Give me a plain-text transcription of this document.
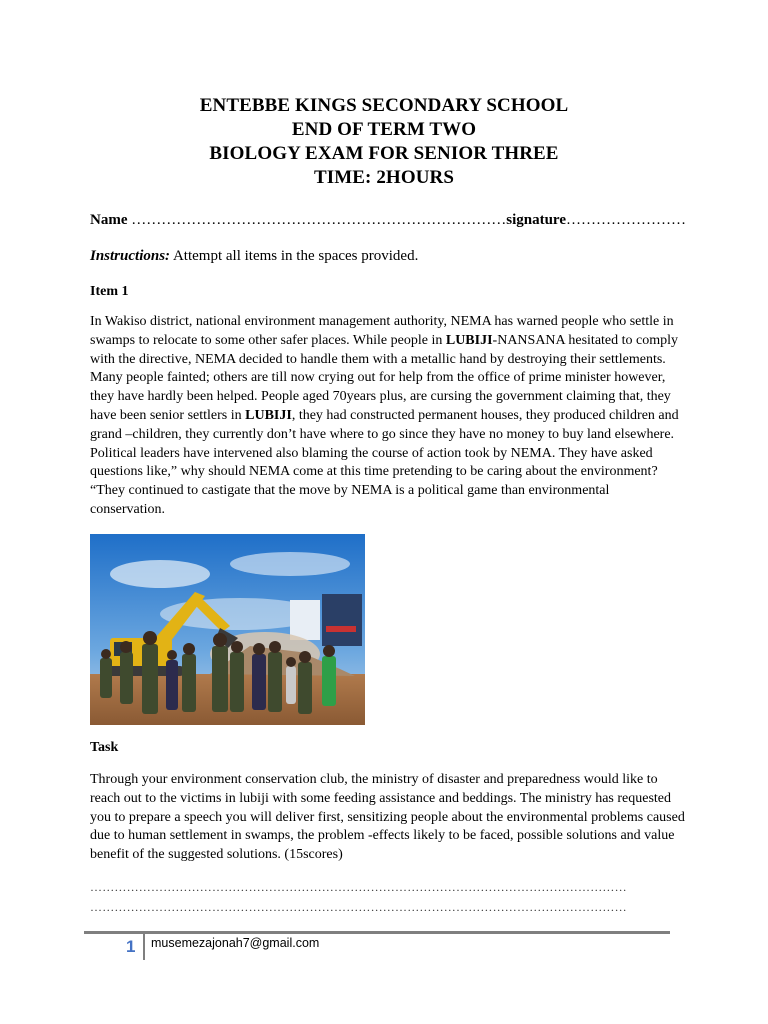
ENTEBBE KINGS SECONDARY SCHOOL
END OF TERM TWO
BIOLOGY EXAM FOR SENIOR THREE
TIME: 2HOURS
Name …………………………………………………………………signature……………………
Instructions: Attempt all items in the spaces provided.
Item 1
In Wakiso district, national environment management authority, NEMA has warned people who settle in
swamps to relocate to some other safer places. While people in LUBIJI-NANSANA hesitated to comply
with the directive, NEMA decided to handle them with a metallic hand by destroying their settlements.
Many people fainted; others are till now crying out for help from the office of prime minister however,
they have hardly been helped. People aged 70years plus, are cursing the government claiming that, they
have been senior settlers in LUBIJI, they had constructed permanent houses, they produced children and
grand –children, they currently don’t have where to go since they have no money to buy land elsewhere.
Political leaders have intervened also blaming the course of action took by NEMA. They have asked
questions like,” why should NEMA come at this time pretending to be caring about the environment?
“They continued to castigate that the move by NEMA is a political game than environmental
conservation.
Task
Through your environment conservation club, the ministry of disaster and preparedness would like to
reach out to the victims in lubiji with some feeding assistance and beddings. The ministry has requested
you to prepare a speech you will deliver first, sensitizing people about the environmental problems caused
due to human settlement in swamps, the problem -effects likely to be faced, possible solutions and value
benefit of the suggested solutions. (15scores)
……………………………………………………………………………………………………………………
……………………………………………………………………………………………………………………
1 musemezajonah7@gmail.com
